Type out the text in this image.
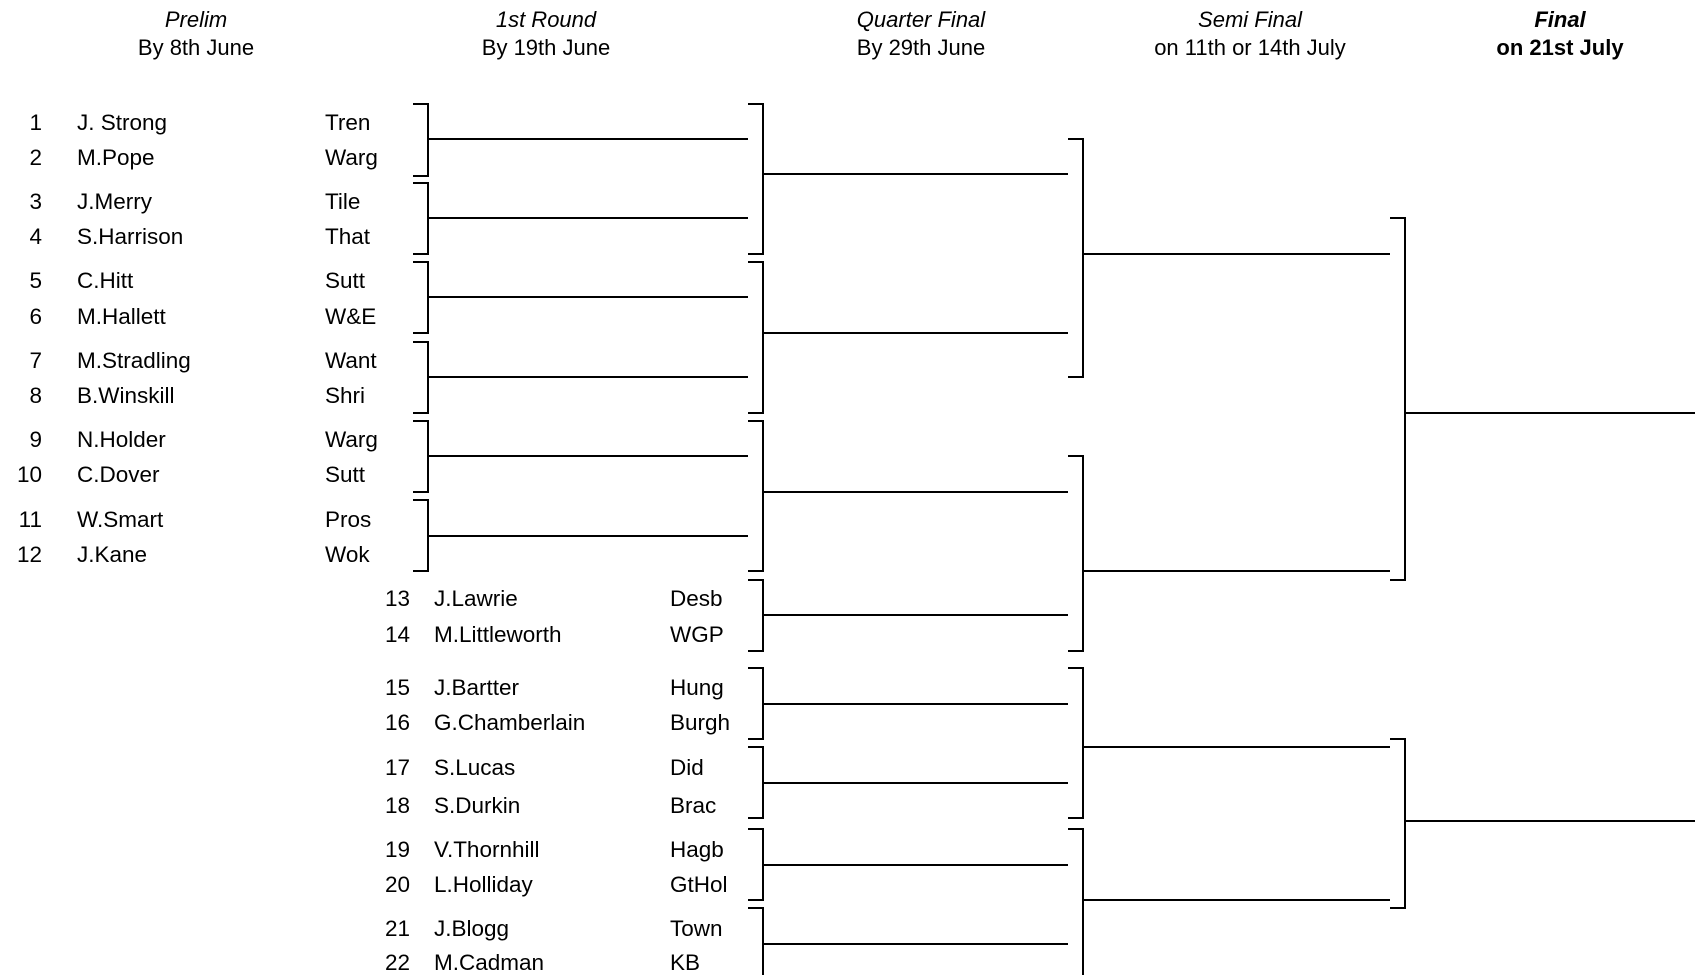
Prelim
By 8th June
1st Round
By 19th June
Quarter Final
By 29th June
Semi Final
on 11th or 14th July
Final
on 21st July
1 J. Strong	Tren
2 M.Pope	Warg
3 J.Merry	Tile
4 S.Harrison	That
5 C.Hitt	Sutt
6 M.Hallett	W&E
7 M.Stradling	Want
8 B.Winskill	Shri
9 N.Holder	Warg
10 C.Dover	Sutt
11 W.Smart	Pros
12 J.Kane	Wok
13 J.Lawrie	Desb
14 M.Littleworth	WGP
15 J.Bartter	Hung
16 G.Chamberlain	Burgh
17 S.Lucas	Did
18 S.Durkin	Brac
19 V.Thornhill	Hagb
20 L.Holliday	GtHol
21 J.Blogg	Town
22 M.Cadman	KB
